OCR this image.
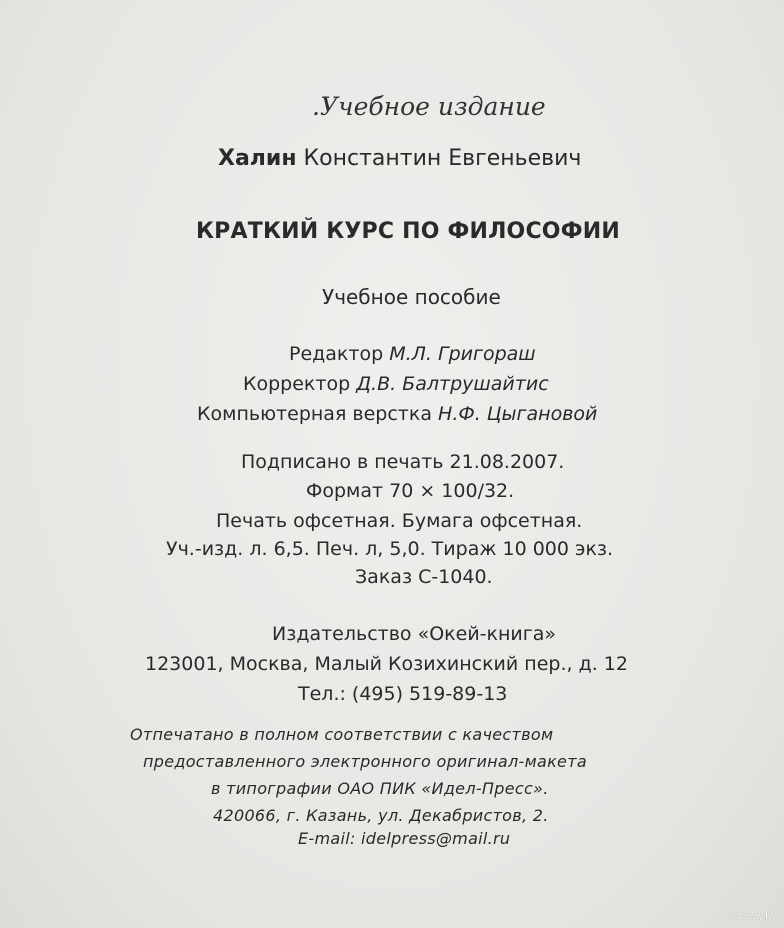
.Учебное издание
Халин Константин Евгеньевич
КРАТКИЙ КУРС ПО ФИЛОСОФИИ
Учебное пособие
Редактор М.Л. Григораш
Корректор Д.В. Балтрушайтис
Компьютерная верстка Н.Ф. Цыгановой
Подписано в печать 21.08.2007.
Формат 70 × 100/32.
Печать офсетная. Бумага офсетная.
Уч.-изд. л. 6,5. Печ. л, 5,0. Тираж 10 000 экз.
Заказ С-1040.
Издательство «Окей-книга»
123001, Москва, Малый Козихинский пер., д. 12
Тел.: (495) 519-89-13
Отпечатано в полном соответствии с качеством
предоставленного электронного оригинал-макета
в типографии ОАО ПИК «Идел-Пресс».
420066, г. Казань, ул. Декабристов, 2.
E-mail: idelpress@mail.ru
www.ay.by
